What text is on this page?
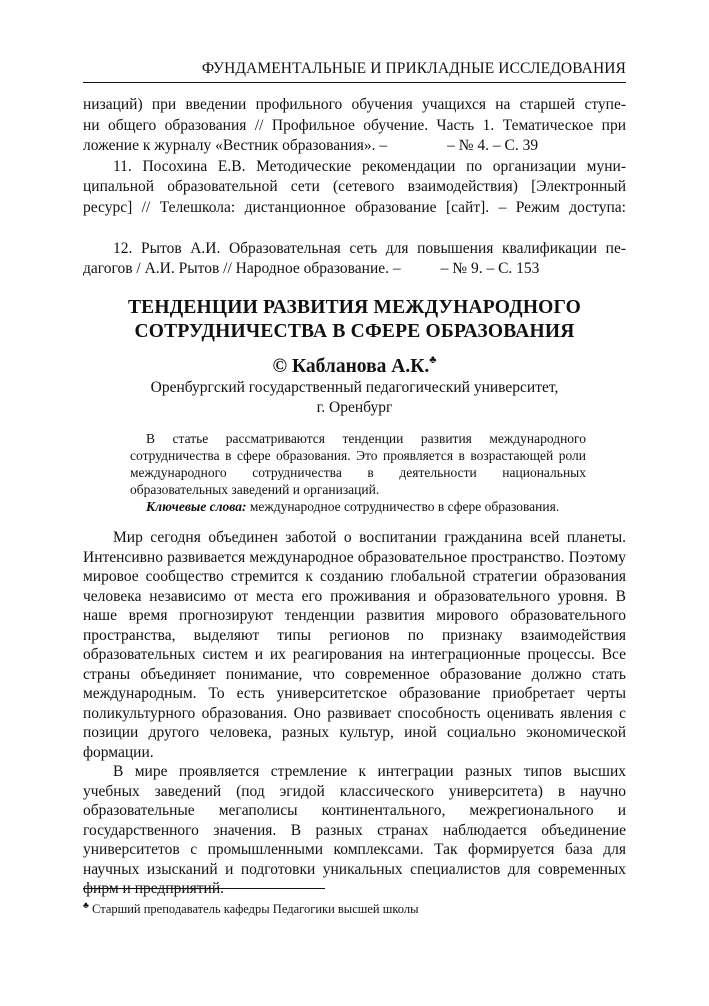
ФУНДАМЕНТАЛЬНЫЕ И ПРИКЛАДНЫЕ ИССЛЕДОВАНИЯ

низаций) при введении профильного обучения учащихся на старшей ступе-

ни общего образования // Профильное обучение. Часть 1. Тематическое при

ложение к журналу «Вестник образования». –	– № 4. – С. 39

11. Посохина Е.В. Методические рекомендации по организации муни-

ципальной образовательной сети (сетевого взаимодействия) [Электронный

ресурс] // Телешкола: дистанционное образование [сайт]. – Режим доступа:

12. Рытов А.И. Образовательная сеть для повышения квалификации пе-

дагогов / А.И. Рытов // Народное образование. –	– № 9. – С. 153

ТЕНДЕНЦИИ РАЗВИТИЯ МЕЖДУНАРОДНОГО
СОТРУДНИЧЕСТВА В СФЕРЕ ОБРАЗОВАНИЯ
© Кабланова А.К.♣
Оренбургский государственный педагогический университет,
г. Оренбург

В статье рассматриваются тенденции развития международного сотрудничества в сфере образования. Это проявляется в возрастающей роли международного сотрудничества в деятельности национальных образовательных заведений и организаций.

Ключевые слова: международное сотрудничество в сфере образования.

Мир сегодня объединен заботой о воспитании гражданина всей планеты. Интенсивно развивается международное образовательное пространство. Поэтому мировое сообщество стремится к созданию глобальной стратегии образования человека независимо от места его проживания и образовательного уровня. В наше время прогнозируют тенденции развития мирового образовательного пространства, выделяют типы регионов по признаку взаимодействия образовательных систем и их реагирования на интеграционные процессы. Все страны объединяет понимание, что современное образование должно стать международным. То есть университетское образование приобретает черты поликультурного образования. Оно развивает способность оценивать явления с позиции другого человека, разных культур, иной социально экономической формации.

В мире проявляется стремление к интеграции разных типов высших учебных заведений (под эгидой классического университета) в научно образовательные мегаполисы континентального, межрегионального и государственного значения. В разных странах наблюдается объединение университетов с промышленными комплексами. Так формируется база для научных изысканий и подготовки уникальных специалистов для современных фирм и предприятий.

♣ Старший преподаватель кафедры Педагогики высшей школы
